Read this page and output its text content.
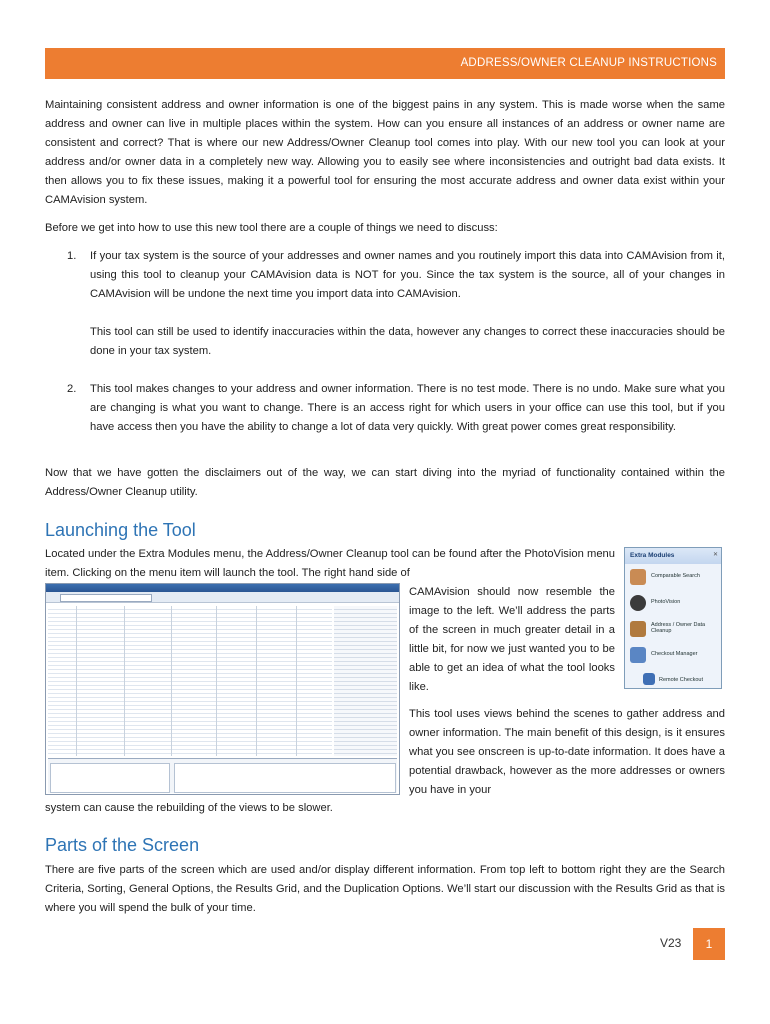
ADDRESS/OWNER CLEANUP INSTRUCTIONS

Maintaining consistent address and owner information is one of the biggest pains in any system. This is made worse when the same address and owner can live in multiple places within the system. How can you ensure all instances of an address or owner name are consistent and correct? That is where our new Address/Owner Cleanup tool comes into play. With our new tool you can look at your address and/or owner data in a completely new way. Allowing you to easily see where inconsistencies and outright bad data exists. It then allows you to fix these issues, making it a powerful tool for ensuring the most accurate address and owner data exist within your CAMAvision system.

Before we get into how to use this new tool there are a couple of things we need to discuss:

1. If your tax system is the source of your addresses and owner names and you routinely import this data into CAMAvision from it, using this tool to cleanup your CAMAvision data is NOT for you. Since the tax system is the source, all of your changes in CAMAvision will be undone the next time you import data into CAMAvision.

This tool can still be used to identify inaccuracies within the data, however any changes to correct these inaccuracies should be done in your tax system.

2. This tool makes changes to your address and owner information. There is no test mode. There is no undo. Make sure what you are changing is what you want to change. There is an access right for which users in your office can use this tool, but if you have access then you have the ability to change a lot of data very quickly. With great power comes great responsibility.

Now that we have gotten the disclaimers out of the way, we can start diving into the myriad of functionality contained within the Address/Owner Cleanup utility.

Launching the Tool

Located under the Extra Modules menu, the Address/Owner Cleanup tool can be found after the PhotoVision menu item. Clicking on the menu item will launch the tool. The right hand side of

CAMAvision should now resemble the image to the left. We’ll address the parts of the screen in much greater detail in a little bit, for now we just wanted you to be able to get an idea of what the tool looks like.

Extra Modules	✕
Comparable Search
PhotoVision
Address / Owner Data Cleanup
Checkout Manager
Remote Checkout

This tool uses views behind the scenes to gather address and owner information. The main benefit of this design, is it ensures what you see onscreen is up-to-date information. It does have a potential drawback, however as the more addresses or owners you have in your

system can cause the rebuilding of the views to be slower.

Parts of the Screen

There are five parts of the screen which are used and/or display different information. From top left to bottom right they are the Search Criteria, Sorting, General Options, the Results Grid, and the Duplication Options. We’ll start our discussion with the Results Grid as that is where you will spend the bulk of your time.

V23	1
